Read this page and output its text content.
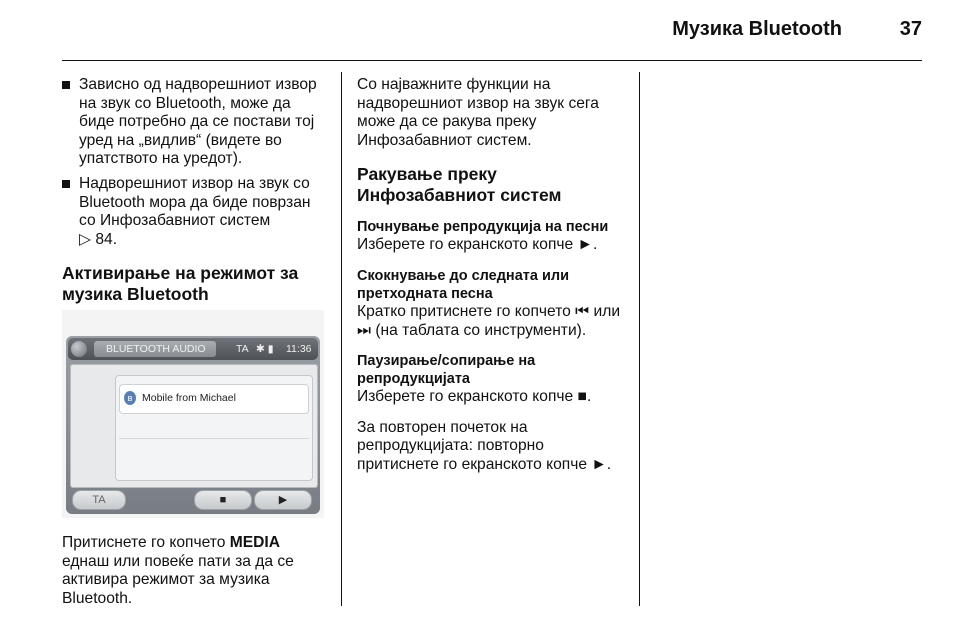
Музика Bluetooth	37
Зависно од надворешниот извор на звук со Bluetooth, може да биде потребно да се постави тој уред на „видлив“ (видете во упатството на уредот).
Надворешниот извор на звук со Bluetooth мора да биде поврзан со Инфозабавниот систем
▷ 84.
Активирање на режимот за музика Bluetooth
BLUETOOTH AUDIO	TA ✱ ▮ 11:36
ʙ Mobile from Michael
TA	■	▶
Притиснете го копчето MEDIA еднаш или повеќе пати за да се активира режимот за музика Bluetooth.
Со најважните функции на надворешниот извор на звук сега може да се ракува преку Инфозабавниот систем.
Ракување преку Инфозабавниот систем
Почнување репродукција на песни
Изберете го екранското копче ►.
Скокнување до следната или претходната песна
Кратко притиснете го копчето ⏮ или ⏭ (на таблата со инструменти).
Паузирање/сопирање на репродукцијата
Изберете го екранското копче ■.
За повторен почеток на репродукцијата: повторно притиснете го екранското копче ►.
